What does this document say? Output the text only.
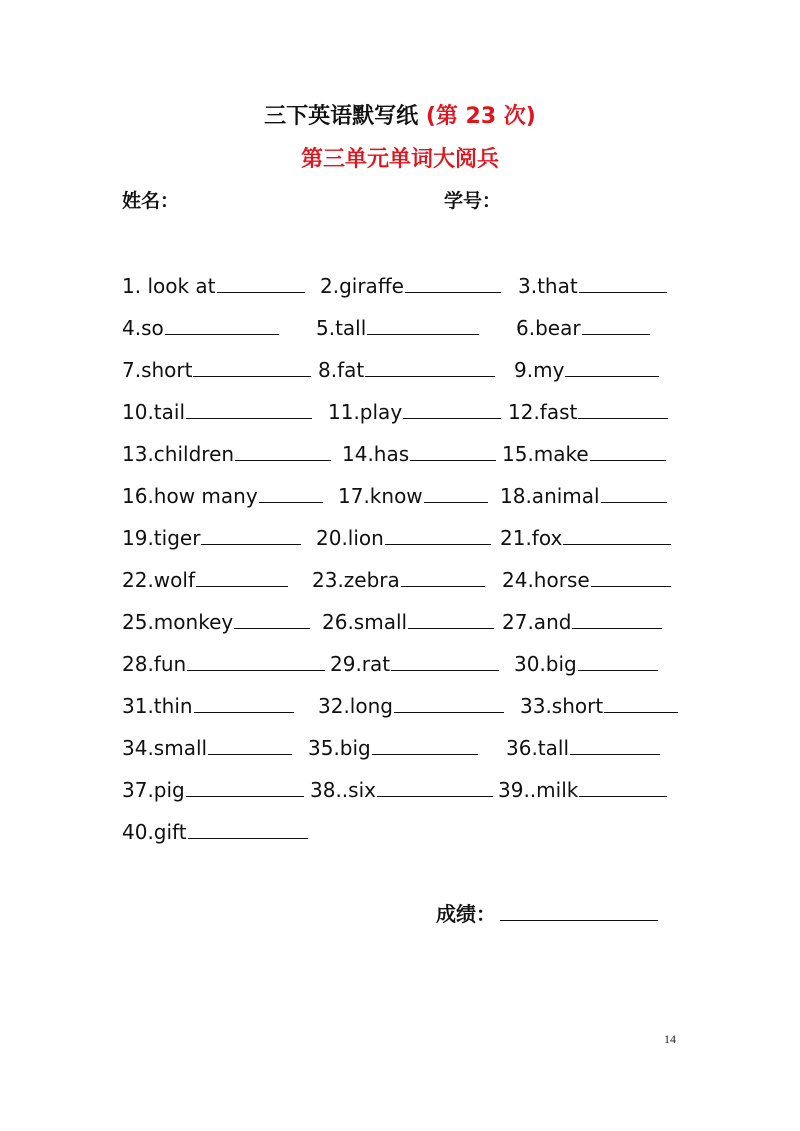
三下英语默写纸 (第 23 次)
第三单元单词大阅兵
姓名：	学号：
1. look at	2.giraffe	3.that
4.so	5.tall	6.bear
7.short	8.fat	9.my
10.tail	11.play	12.fast
13.children	14.has	15.make
16.how many	17.know	18.animal
19.tiger	20.lion	21.fox
22.wolf	23.zebra	24.horse
25.monkey	26.small	27.and
28.fun	29.rat	30.big
31.thin	32.long	33.short
34.small	35.big	36.tall
37.pig	38..six	39..milk
40.gift
成绩：
14
